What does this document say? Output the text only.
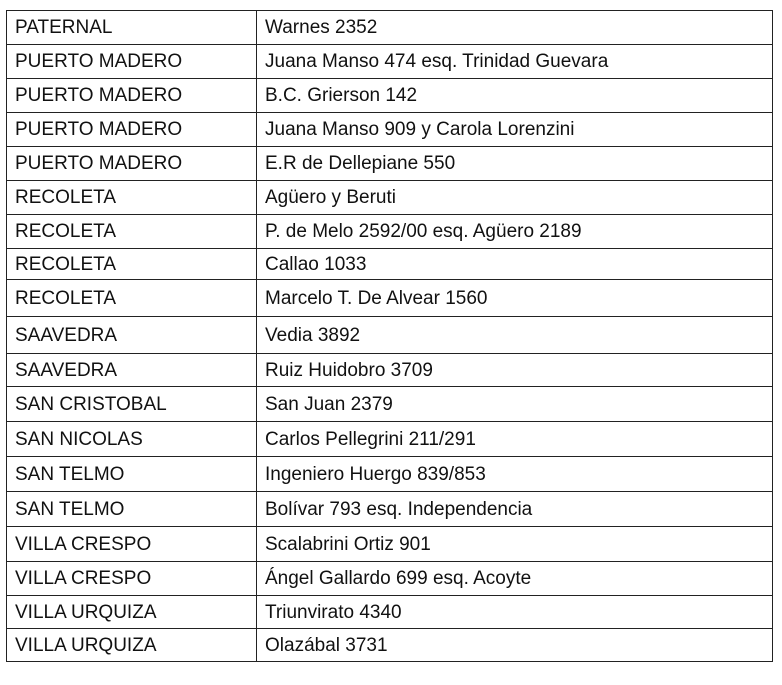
PATERNAL	Warnes 2352
PUERTO MADERO	Juana Manso 474 esq. Trinidad Guevara
PUERTO MADERO	B.C. Grierson 142
PUERTO MADERO	Juana Manso 909 y Carola Lorenzini
PUERTO MADERO	E.R de Dellepiane 550
RECOLETA	Agüero y Beruti
RECOLETA	P. de Melo 2592/00 esq. Agüero 2189
RECOLETA	Callao 1033
RECOLETA	Marcelo T. De Alvear 1560
SAAVEDRA	Vedia 3892
SAAVEDRA	Ruiz Huidobro 3709
SAN CRISTOBAL	San Juan 2379
SAN NICOLAS	Carlos Pellegrini 211/291
SAN TELMO	Ingeniero Huergo 839/853
SAN TELMO	Bolívar 793 esq. Independencia
VILLA CRESPO	Scalabrini Ortiz 901
VILLA CRESPO	Ángel Gallardo 699 esq. Acoyte
VILLA URQUIZA	Triunvirato 4340
VILLA URQUIZA	Olazábal 3731
